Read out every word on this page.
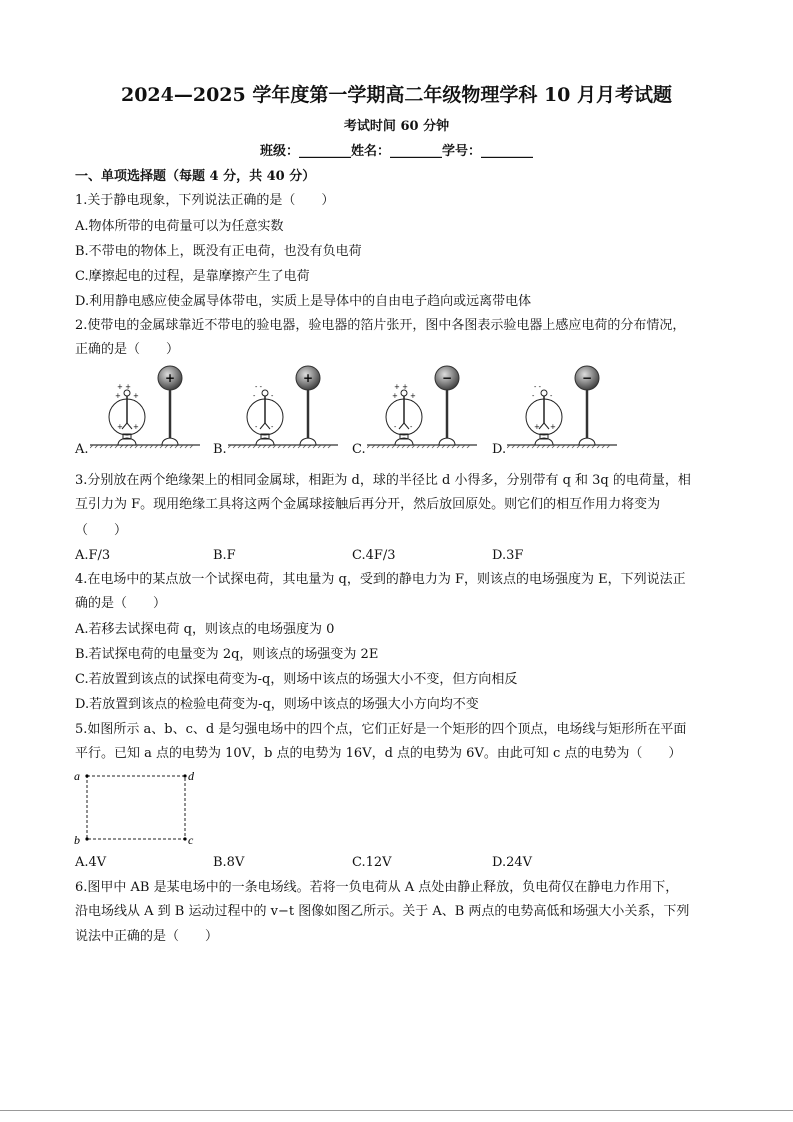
2024—2025 学年度第一学期高二年级物理学科 10 月月考试题
考试时间 60 分钟
班级：________姓名：________学号：________
一、单项选择题（每题 4 分，共 40 分）
1.关于静电现象，下列说法正确的是（　　）
A.物体所带的电荷量可以为任意实数
B.不带电的物体上，既没有正电荷，也没有负电荷
C.摩擦起电的过程，是靠摩擦产生了电荷
D.利用静电感应使金属导体带电，实质上是导体中的自由电子趋向或远离带电体
2.使带电的金属球靠近不带电的验电器，验电器的箔片张开，图中各图表示验电器上感应电荷的分布情况，
正确的是（　　）
A.
+ +
+ +
+ +
+
B.
- -
- -
- -
+
C.
+ +
+ +
- -
−
D.
- -
- -
+ +
−
3.分别放在两个绝缘架上的相同金属球，相距为 d，球的半径比 d 小得多，分别带有 q 和 3q 的电荷量，相
互引力为 F。现用绝缘工具将这两个金属球接触后再分开，然后放回原处。则它们的相互作用力将变为
（　　）
A.F/3	B.F	C.4F/3	D.3F
4.在电场中的某点放一个试探电荷，其电量为 q，受到的静电力为 F，则该点的电场强度为 E，下列说法正
确的是（　　）
A.若移去试探电荷 q，则该点的电场强度为 0
B.若试探电荷的电量变为 2q，则该点的场强变为 2E
C.若放置到该点的试探电荷变为-q，则场中该点的场强大小不变，但方向相反
D.若放置到该点的检验电荷变为-q，则场中该点的场强大小方向均不变
5.如图所示 a、b、c、d 是匀强电场中的四个点，它们正好是一个矩形的四个顶点，电场线与矩形所在平面
平行。已知 a 点的电势为 10V，b 点的电势为 16V，d 点的电势为 6V。由此可知 c 点的电势为（　　）
a
b	c
d
A.4V	B.8V	C.12V	D.24V
6.图甲中 AB 是某电场中的一条电场线。若将一负电荷从 A 点处由静止释放，负电荷仅在静电力作用下，
沿电场线从 A 到 B 运动过程中的 v−t 图像如图乙所示。关于 A、B 两点的电势高低和场强大小关系，下列
说法中正确的是（　　）
